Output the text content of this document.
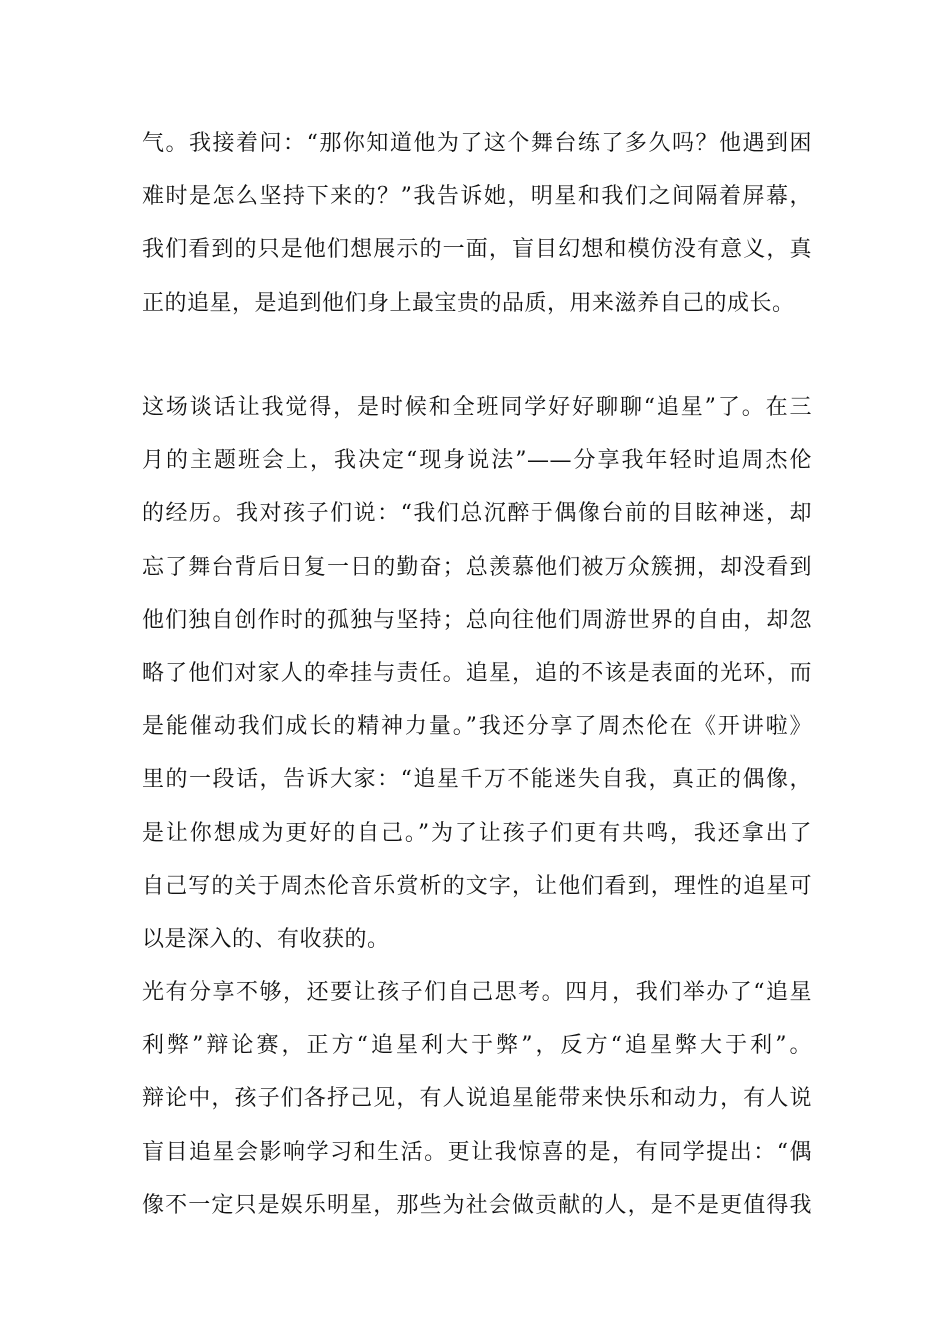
气。我接着问：“那你知道他为了这个舞台练了多久吗？他遇到困
难时是怎么坚持下来的？”我告诉她，明星和我们之间隔着屏幕，
我们看到的只是他们想展示的一面，盲目幻想和模仿没有意义，真
正的追星，是追到他们身上最宝贵的品质，用来滋养自己的成长。
这场谈话让我觉得，是时候和全班同学好好聊聊“追星”了。在三
月的主题班会上，我决定“现身说法”——分享我年轻时追周杰伦
的经历。我对孩子们说：“我们总沉醉于偶像台前的目眩神迷，却
忘了舞台背后日复一日的勤奋；总羡慕他们被万众簇拥，却没看到
他们独自创作时的孤独与坚持；总向往他们周游世界的自由，却忽
略了他们对家人的牵挂与责任。追星，追的不该是表面的光环，而
是能催动我们成长的精神力量。”我还分享了周杰伦在《开讲啦》
里的一段话，告诉大家：“追星千万不能迷失自我，真正的偶像，
是让你想成为更好的自己。”为了让孩子们更有共鸣，我还拿出了
自己写的关于周杰伦音乐赏析的文字，让他们看到，理性的追星可
以是深入的、有收获的。
光有分享不够，还要让孩子们自己思考。四月，我们举办了“追星
利弊”辩论赛，正方“追星利大于弊”，反方“追星弊大于利”。
辩论中，孩子们各抒己见，有人说追星能带来快乐和动力，有人说
盲目追星会影响学习和生活。更让我惊喜的是，有同学提出：“偶
像不一定只是娱乐明星，那些为社会做贡献的人，是不是更值得我
